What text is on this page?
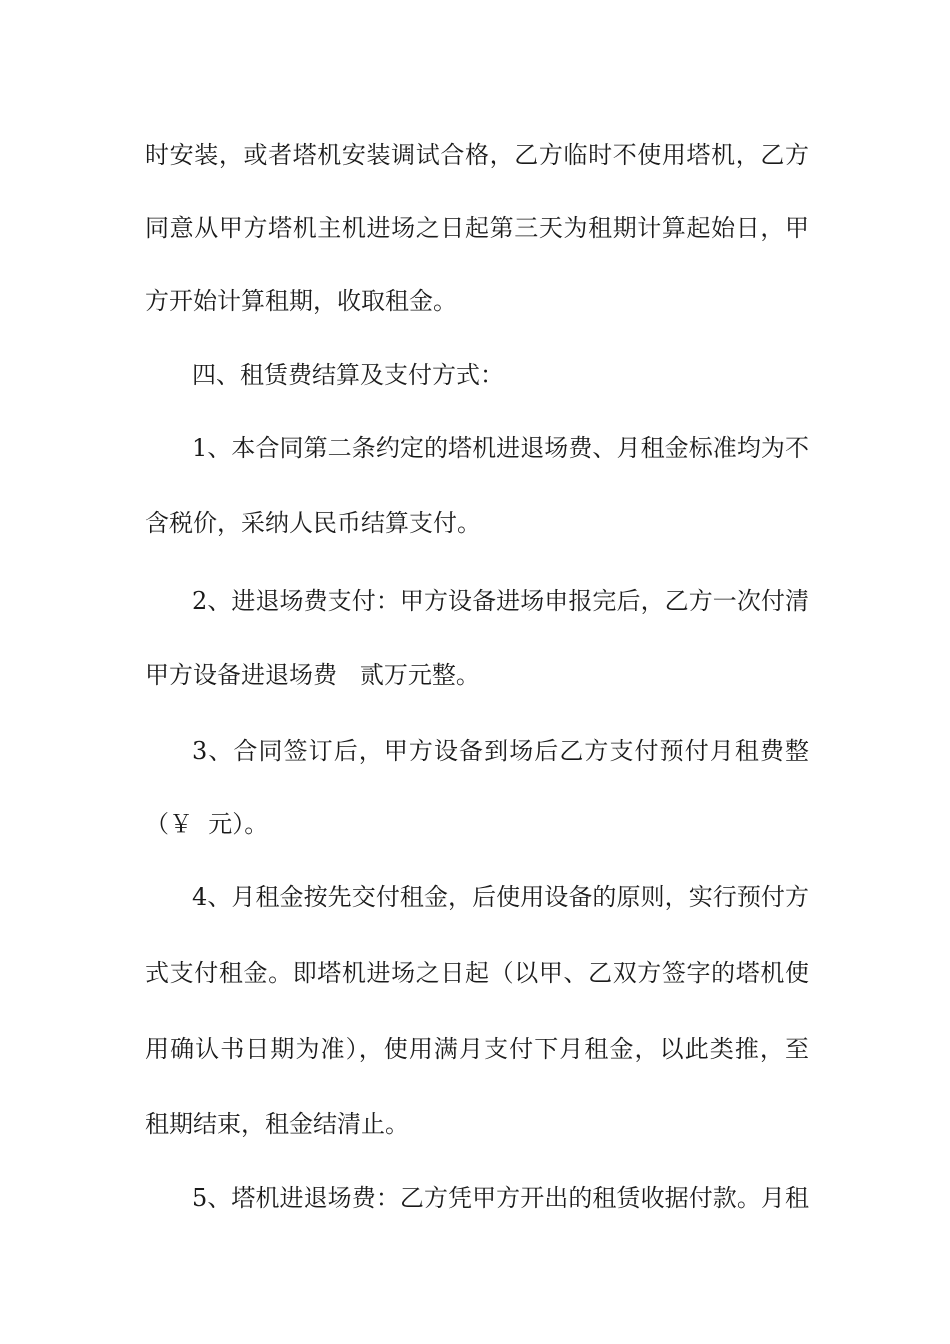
时安装，或者塔机安装调试合格，乙方临时不使用塔机，乙方
同意从甲方塔机主机进场之日起第三天为租期计算起始日，甲
方开始计算租期，收取租金。
四、租赁费结算及支付方式：
1、本合同第二条约定的塔机进退场费、月租金标准均为不
含税价，采纳人民币结算支付。
2、进退场费支付：甲方设备进场申报完后，乙方一次付清
甲方设备进退场费   贰万元整。
3、合同签订后，甲方设备到场后乙方支付预付月租费整
（￥  元）。
4、月租金按先交付租金，后使用设备的原则，实行预付方
式支付租金。即塔机进场之日起（以甲、乙双方签字的塔机使
用确认书日期为准），使用满月支付下月租金，以此类推，至
租期结束，租金结清止。
5、塔机进退场费：乙方凭甲方开出的租赁收据付款。月租
